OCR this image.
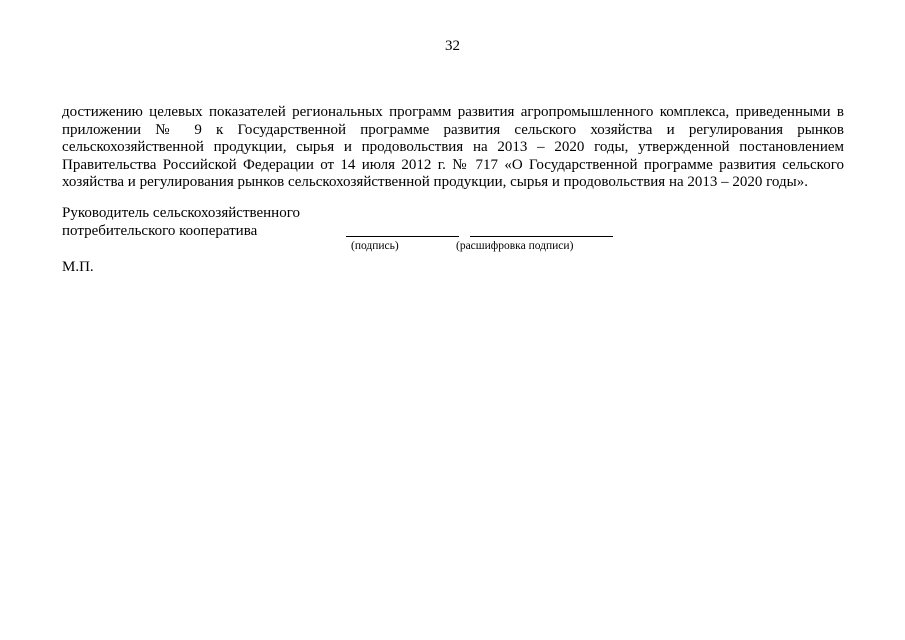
32
достижению целевых показателей региональных программ развития агропромышленного комплекса, приведенными в
приложении № 9 к Государственной программе развития сельского хозяйства и регулирования рынков
сельскохозяйственной продукции, сырья и продовольствия на 2013 – 2020 годы, утвержденной постановлением
Правительства Российской Федерации от 14 июля 2012 г. № 717 «О Государственной программе развития сельского
хозяйства и регулирования рынков сельскохозяйственной продукции, сырья и продовольствия на 2013 – 2020 годы».
Руководитель сельскохозяйственного
потребительского кооператива
(подпись)	(расшифровка подписи)
М.П.
